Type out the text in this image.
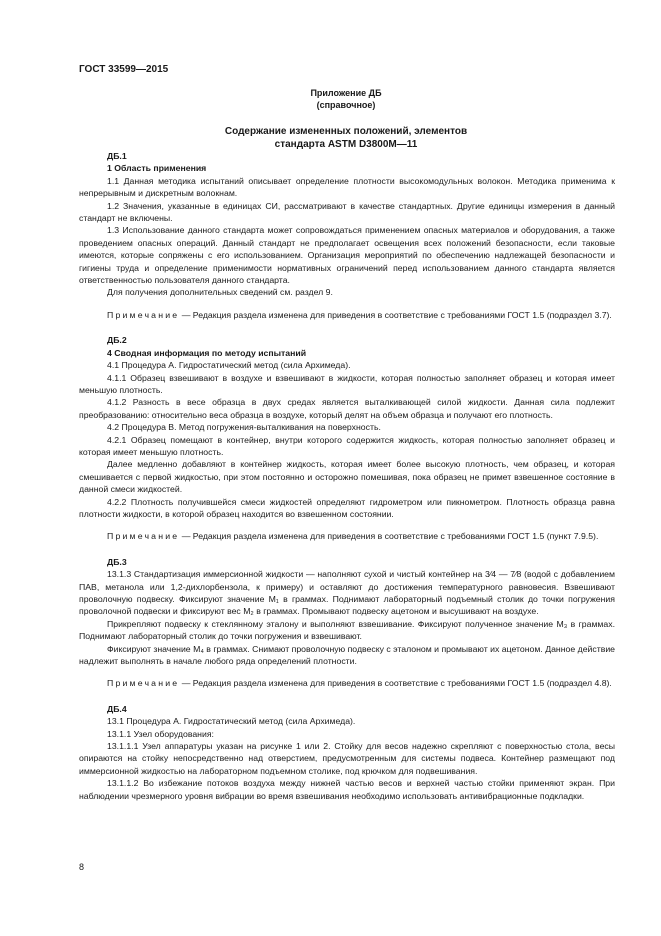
ГОСТ 33599—2015
Приложение ДБ
(справочное)
Содержание измененных положений, элементов
стандарта ASTM D3800M—11

ДБ.1

1 Область применения

1.1 Данная методика испытаний описывает определение плотности высокомодульных волокон. Методика применима к непрерывным и дискретным волокнам.

1.2 Значения, указанные в единицах СИ, рассматривают в качестве стандартных. Другие единицы измерения в данный стандарт не включены.

1.3 Использование данного стандарта может сопровождаться применением опасных материалов и оборудования, а также проведением опасных операций. Данный стандарт не предполагает освещения всех положений безопасности, если таковые имеются, которые сопряжены с его использованием. Организация мероприятий по обеспечению надлежащей безопасности и гигиены труда и определение применимости нормативных ограничений перед использованием данного стандарта является ответственностью пользователя данного стандарта.

Для получения дополнительных сведений см. раздел 9.

Примечание — Редакция раздела изменена для приведения в соответствие с требованиями ГОСТ 1.5 (подраздел 3.7).

ДБ.2

4 Сводная информация по методу испытаний

4.1 Процедура А. Гидростатический метод (сила Архимеда).

4.1.1 Образец взвешивают в воздухе и взвешивают в жидкости, которая полностью заполняет образец и которая имеет меньшую плотность.

4.1.2 Разность в весе образца в двух средах является выталкивающей силой жидкости. Данная сила подлежит преобразованию: относительно веса образца в воздухе, который делят на объем образца и получают его плотность.

4.2 Процедура В. Метод погружения-выталкивания на поверхность.

4.2.1 Образец помещают в контейнер, внутри которого содержится жидкость, которая полностью заполняет образец и которая имеет меньшую плотность.

Далее медленно добавляют в контейнер жидкость, которая имеет более высокую плотность, чем образец, и которая смешивается с первой жидкостью, при этом постоянно и осторожно помешивая, пока образец не примет взвешенное состояние в данной смеси жидкостей.

4.2.2 Плотность получившейся смеси жидкостей определяют гидрометром или пикнометром. Плотность образца равна плотности жидкости, в которой образец находится во взвешенном состоянии.

Примечание — Редакция раздела изменена для приведения в соответствие с требованиями ГОСТ 1.5 (пункт 7.9.5).

ДБ.3

13.1.3 Стандартизация иммерсионной жидкости — наполняют сухой и чистый контейнер на 3⁄4 — 7⁄8 (водой с добавлением ПАВ, метанола или 1,2-дихлорбензола, к примеру) и оставляют до достижения температурного равновесия. Взвешивают проволочную подвеску. Фиксируют значение M₁ в граммах. Поднимают лабораторный подъемный столик до точки погружения проволочной подвески и фиксируют вес M₂ в граммах. Промывают подвеску ацетоном и высушивают на воздухе.

Прикрепляют подвеску к стеклянному эталону и выполняют взвешивание. Фиксируют полученное значение M₃ в граммах. Поднимают лабораторный столик до точки погружения и взвешивают.

Фиксируют значение M₄ в граммах. Снимают проволочную подвеску с эталоном и промывают их ацетоном. Данное действие надлежит выполнять в начале любого ряда определений плотности.

Примечание — Редакция раздела изменена для приведения в соответствие с требованиями ГОСТ 1.5 (подраздел 4.8).

ДБ.4

13.1 Процедура А. Гидростатический метод (сила Архимеда).

13.1.1 Узел оборудования:

13.1.1.1 Узел аппаратуры указан на рисунке 1 или 2. Стойку для весов надежно скрепляют с поверхностью стола, весы опираются на стойку непосредственно над отверстием, предусмотренным для системы подвеса. Контейнер размещают под иммерсионной жидкостью на лабораторном подъемном столике, под крючком для подвешивания.

13.1.1.2 Во избежание потоков воздуха между нижней частью весов и верхней частью стойки применяют экран. При наблюдении чрезмерного уровня вибрации во время взвешивания необходимо использовать антивибрационные подкладки.

8
